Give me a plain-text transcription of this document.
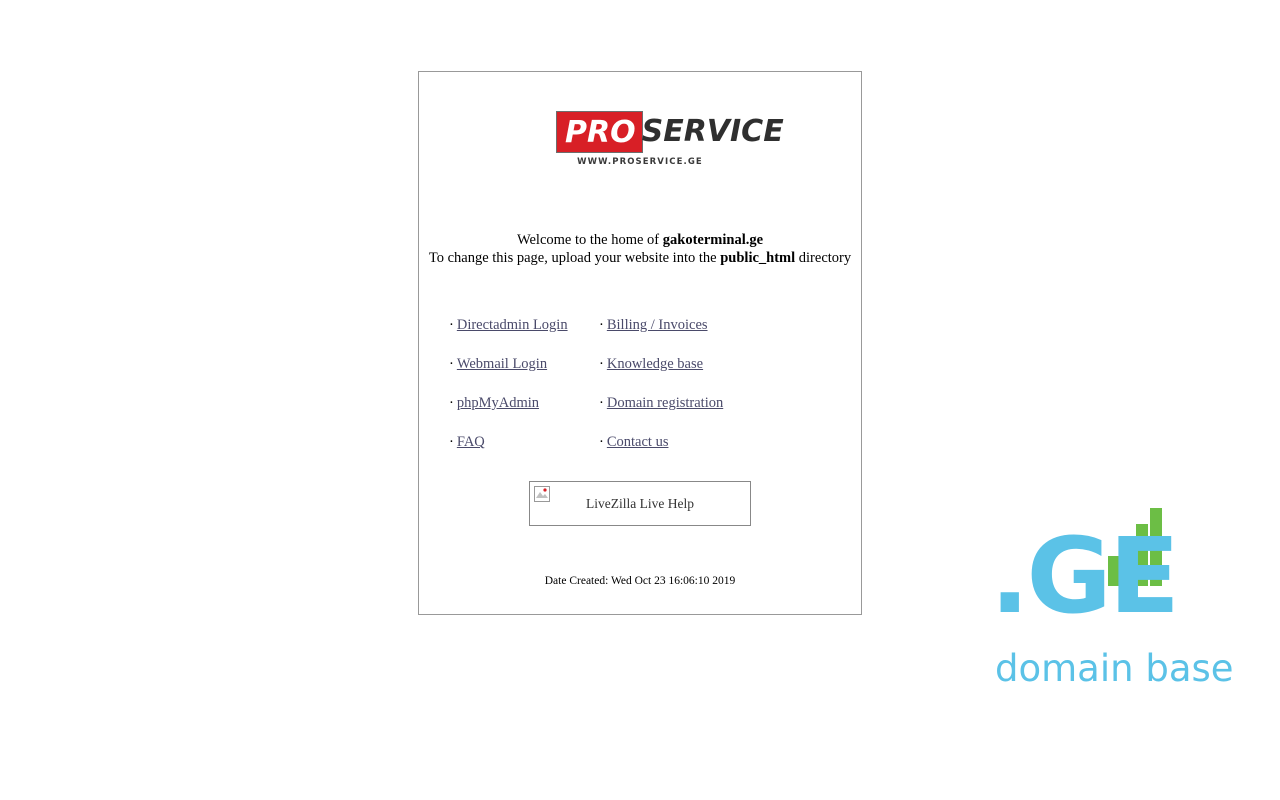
PRO SERVICE
WWW.PROSERVICE.GE
Welcome to the home of gakoterminal.ge
To change this page, upload your website into the public_html directory
· Directadmin Login	· Billing / Invoices
· Webmail Login	· Knowledge base
· phpMyAdmin	· Domain registration
· FAQ	· Contact us
LiveZilla Live Help
Date Created: Wed Oct 23 16:06:10 2019	.GE
domain base
